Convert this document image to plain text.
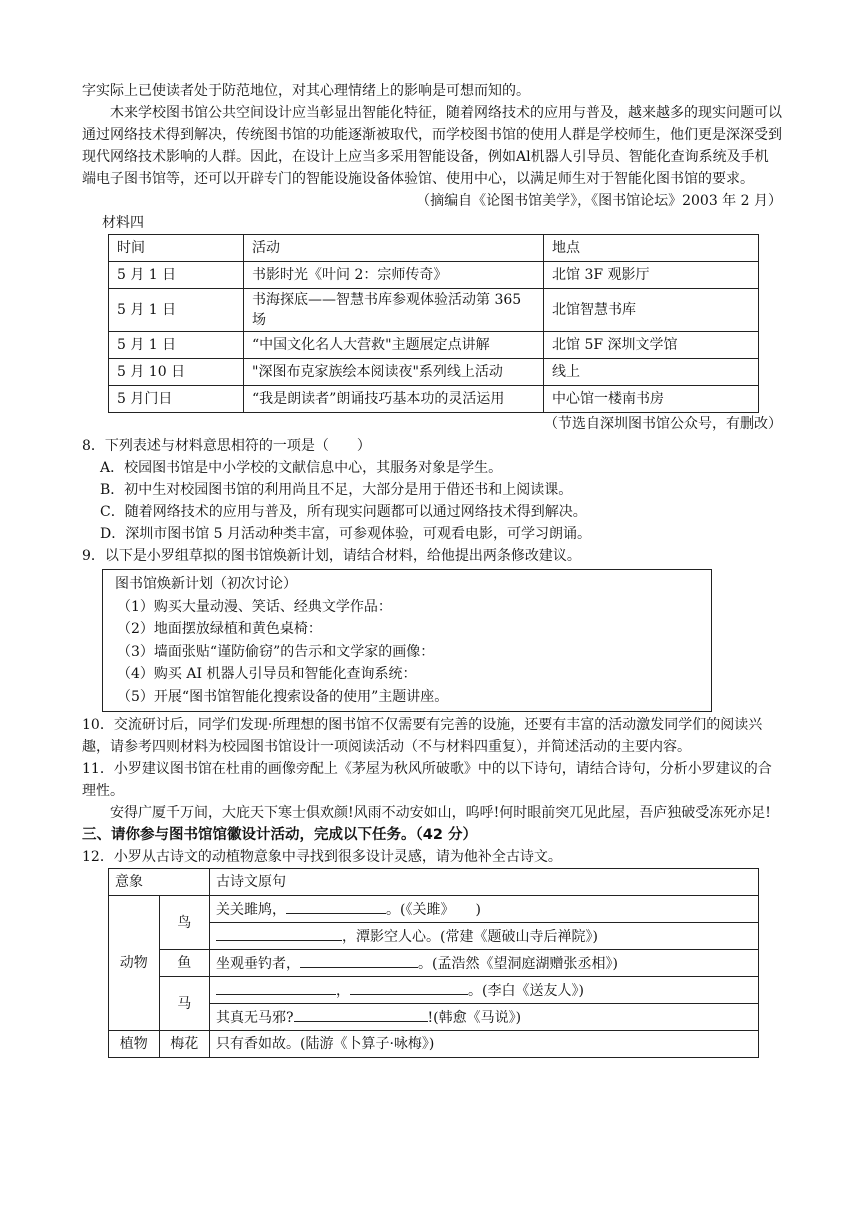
字实际上已使读者处于防范地位，对其心理情绪上的影响是可想而知的。

木来学校图书馆公共空间设计应当彰显出智能化特征，随着网络技术的应用与普及，越来越多的现实问题可以通过网络技术得到解决，传统图书馆的功能逐渐被取代，而学校图书馆的使用人群是学校师生，他们更是深深受到现代网络技术影响的人群。因此，在设计上应当多采用智能设备，例如Al机器人引导员、智能化查询系统及手机端电子图书馆等，还可以开辟专门的智能设施设备体验馆、使用中心，以满足师生对于智能化图书馆的要求。

（摘编自《论图书馆美学》，《图书馆论坛》2003 年 2 月）

材料四

时间	活动	地点
5 月 1 日	书影时光《叶问 2：宗师传奇》	北馆 3F 观影厅
5 月 1 日	书海探底——智慧书库参观体验活动第 365 场	北馆智慧书库
5 月 1 日	“中国文化名人大营救"主题展定点讲解	北馆 5F 深圳文学馆
5 月 10 日	"深图布克家族绘本阅读夜"系列线上活动	线上
5 月门日	“我是朗读者”朗诵技巧基本功的灵活运用	中心馆一楼南书房

（节选自深圳图书馆公众号，有删改）

8．下列表述与材料意思相符的一项是（　　）

A．校园图书馆是中小学校的文献信息中心，其服务对象是学生。

B．初中生对校园图书馆的利用尚且不足，大部分是用于借还书和上阅读课。

C．随着网络技术的应用与普及，所有现实问题都可以通过网络技术得到解决。

D．深圳市图书馆 5 月活动种类丰富，可参观体验，可观看电影，可学习朗诵。

9．以下是小罗组草拟的图书馆焕新计划，请结合材料，给他提出两条修改建议。

图书馆焕新计划（初次讨论）

（1）购买大量动漫、笑话、经典文学作品：

（2）地面摆放绿植和黄色桌椅：

（3）墙面张贴“谨防偷窃”的告示和文学家的画像：

（4）购买 AI 机器人引导员和智能化查询系统：

（5）开展“图书馆智能化搜索设备的使用”主题讲座。

10．交流研讨后，同学们发现·所理想的图书馆不仅需要有完善的设施，还要有丰富的活动激发同学们的阅读兴趣，请参考四则材料为校园图书馆设计一项阅读活动（不与材料四重复），并简述活动的主要内容。

11．小罗建议图书馆在杜甫的画像旁配上《茅屋为秋风所破歌》中的以下诗句，请结合诗句，分析小罗建议的合理性。

安得广厦千万间，大庇天下寒士俱欢颜!风雨不动安如山，呜呼!何时眼前突兀见此屋，吾庐独破受冻死亦足!

三、请你参与图书馆馆徽设计活动，完成以下任务。（42 分）

12．小罗从古诗文的动植物意象中寻找到很多设计灵感，请为他补全古诗文。

意象		古诗文原句
动物	鸟	关关雎鸠， 。(《关雎》　　)
		，潭影空人心。(常建《题破山寺后禅院》)
	鱼	坐观垂钓者， 。(孟浩然《望洞庭湖赠张丞相》)
	马	， 。(李白《送友人》)
		其真无马邪? !(韩愈《马说》)
植物	梅花	只有香如故。(陆游《卜算子·咏梅》)
